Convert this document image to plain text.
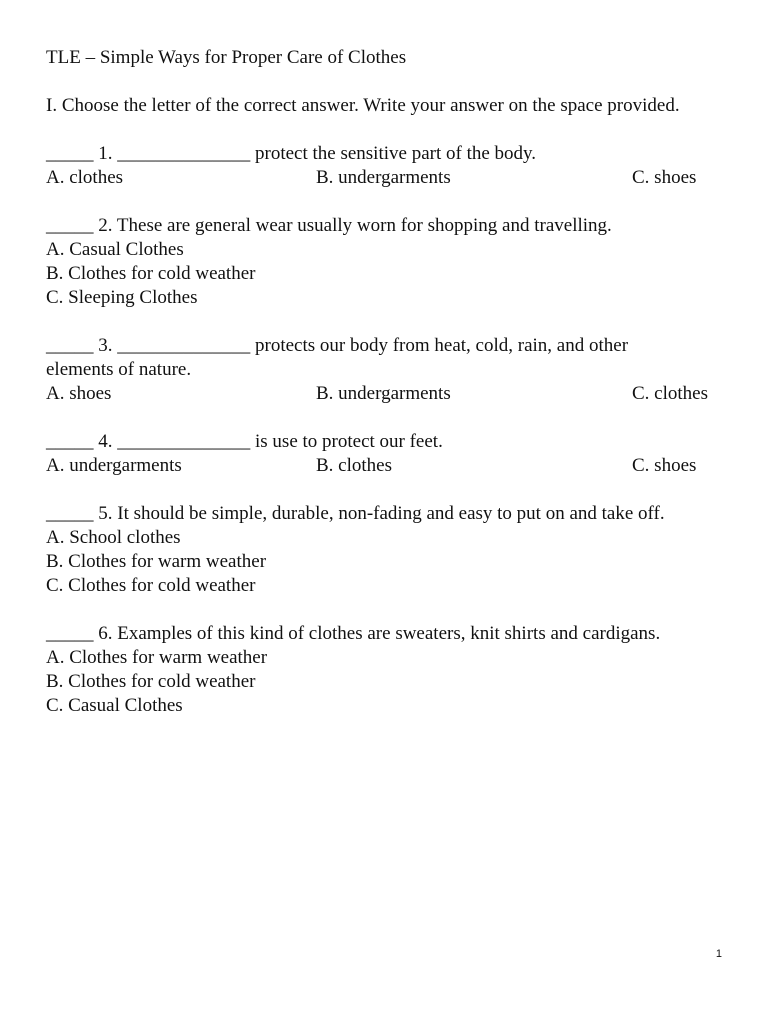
TLE – Simple Ways for Proper Care of Clothes
I. Choose the letter of the correct answer. Write your answer on the space provided.
_____ 1. ______________ protect the sensitive part of the body.
A. clothes	B. undergarments	C. shoes
_____ 2. These are general wear usually worn for shopping and travelling.
A. Casual Clothes
B. Clothes for cold weather
C. Sleeping Clothes
_____ 3. ______________ protects our body from heat, cold, rain, and other
elements of nature.
A. shoes	B. undergarments	C. clothes
_____ 4. ______________ is use to protect our feet.
A. undergarments	B. clothes	C. shoes
_____ 5. It should be simple, durable, non-fading and easy to put on and take off.
A. School clothes
B. Clothes for warm weather
C. Clothes for cold weather
_____ 6. Examples of this kind of clothes are sweaters, knit shirts and cardigans.
A. Clothes for warm weather
B. Clothes for cold weather
C. Casual Clothes
1
